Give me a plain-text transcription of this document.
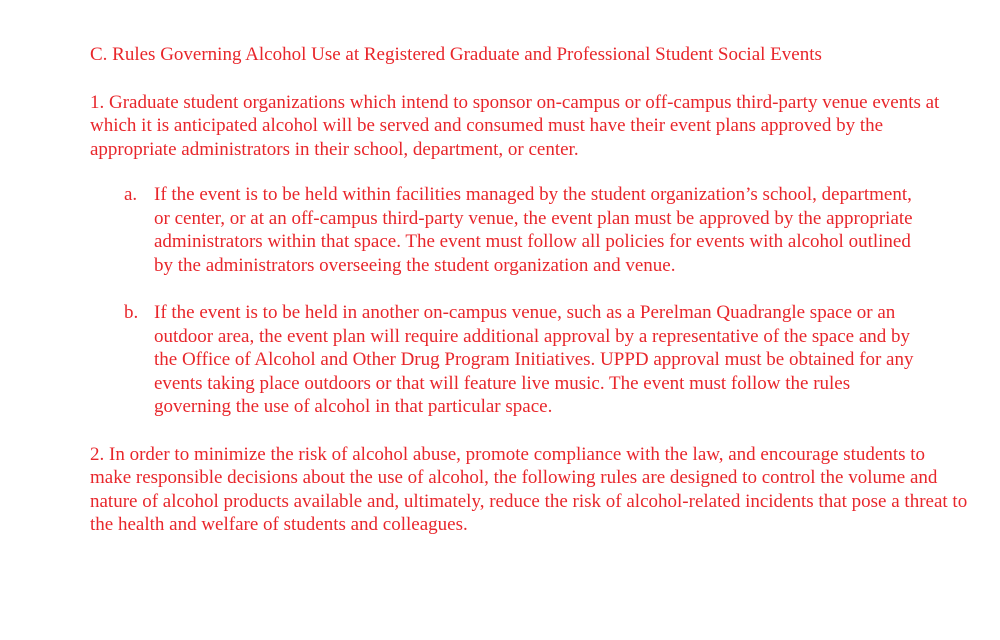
C. Rules Governing Alcohol Use at Registered Graduate and Professional Student Social Events

1. Graduate student organizations which intend to sponsor on-campus or off-campus third-party venue events at which it is anticipated alcohol will be served and consumed must have their event plans approved by the appropriate administrators in their school, department, or center.

a. If the event is to be held within facilities managed by the student organization’s school, department, or center, or at an off-campus third-party venue, the event plan must be approved by the appropriate administrators within that space. The event must follow all policies for events with alcohol outlined by the administrators overseeing the student organization and venue.
b. If the event is to be held in another on-campus venue, such as a Perelman Quadrangle space or an outdoor area, the event plan will require additional approval by a representative of the space and by the Office of Alcohol and Other Drug Program Initiatives. UPPD approval must be obtained for any events taking place outdoors or that will feature live music. The event must follow the rules governing the use of alcohol in that particular space.

2. In order to minimize the risk of alcohol abuse, promote compliance with the law, and encourage students to make responsible decisions about the use of alcohol, the following rules are designed to control the volume and nature of alcohol products available and, ultimately, reduce the risk of alcohol-related incidents that pose a threat to the health and welfare of students and colleagues.
